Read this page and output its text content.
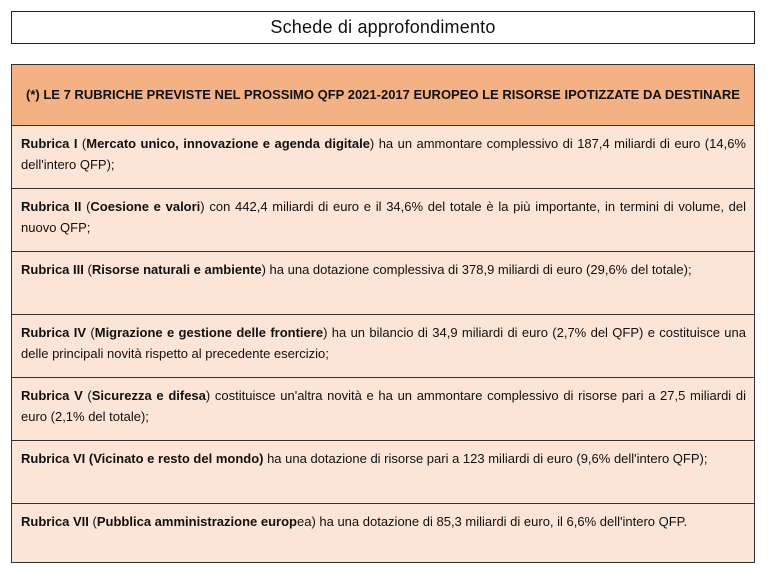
Schede di approfondimento
(*) LE 7 RUBRICHE PREVISTE NEL PROSSIMO QFP 2021-2017 EUROPEO LE RISORSE IPOTIZZATE DA DESTINARE
Rubrica I (Mercato unico, innovazione e agenda digitale) ha un ammontare complessivo di 187,4 miliardi di euro (14,6% dell'intero QFP);
Rubrica II (Coesione e valori) con 442,4 miliardi di euro e il 34,6% del totale è la più importante, in termini di volume, del nuovo QFP;
Rubrica III (Risorse naturali e ambiente) ha una dotazione complessiva di 378,9 miliardi di euro (29,6% del totale);
Rubrica IV (Migrazione e gestione delle frontiere) ha un bilancio di 34,9 miliardi di euro (2,7% del QFP) e costituisce una delle principali novità rispetto al precedente esercizio;
Rubrica V (Sicurezza e difesa) costituisce un'altra novità e ha un ammontare complessivo di risorse pari a 27,5 miliardi di euro (2,1% del totale);
Rubrica VI (Vicinato e resto del mondo) ha una dotazione di risorse pari a 123 miliardi di euro (9,6% dell'intero QFP);
Rubrica VII (Pubblica amministrazione europea) ha una dotazione di 85,3 miliardi di euro, il 6,6% dell'intero QFP.
